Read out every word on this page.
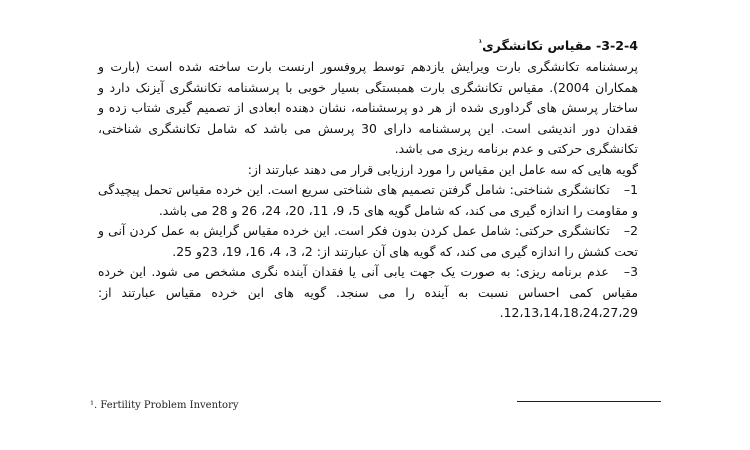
3-2-4- مقیاس تکانشگری$^{^1}$

پرسشنامه تکانشگری بارت ویرایش یازدهم توسط پروفسور ارنست بارت ساخته شده است (بارت و همکاران 2004). مقیاس تکانشگری بارت همبستگی بسیار خوبی با پرسشنامه تکانشگری آیزنک دارد و ساختار پرسش های گرداوری شده از هر دو پرسشنامه، نشان دهنده ابعادی از تصمیم گیری شتاب زده و فقدان دور اندیشی است. این پرسشنامه دارای 30 پرسش می باشد که شامل تکانشگری شناختی، تکانشگری حرکتی و عدم برنامه ریزی می باشد.

گویه هایی که سه عامل این مقیاس را مورد ارزیابی قرار می دهند عبارتند از:

1– تکانشگری شناختی: شامل گرفتن تصمیم های شناختی سریع است. این خرده مقیاس تحمل پیچیدگی و مقاومت را اندازه گیری می کند، که شامل گویه های 5، 9، 11، 20، 24، 26 و 28 می باشد.

2– تکانشگری حرکتی: شامل عمل کردن بدون فکر است. این خرده مقیاس گرایش به عمل کردن آنی و تحت کشش را اندازه گیری می کند، که گویه های آن عبارتند از: 2، 3، 4، 16، 19، 23و 25.

3– عدم برنامه ریزی: به صورت یک جهت یابی آنی یا فقدان آینده نگری مشخص می شود. این خرده مقیاس کمی احساس نسبت به آینده را می سنجد. گویه های این خرده مقیاس عبارتند از: 12،13،14،18،24،27،29.

¹. Fertility Problem Inventory
